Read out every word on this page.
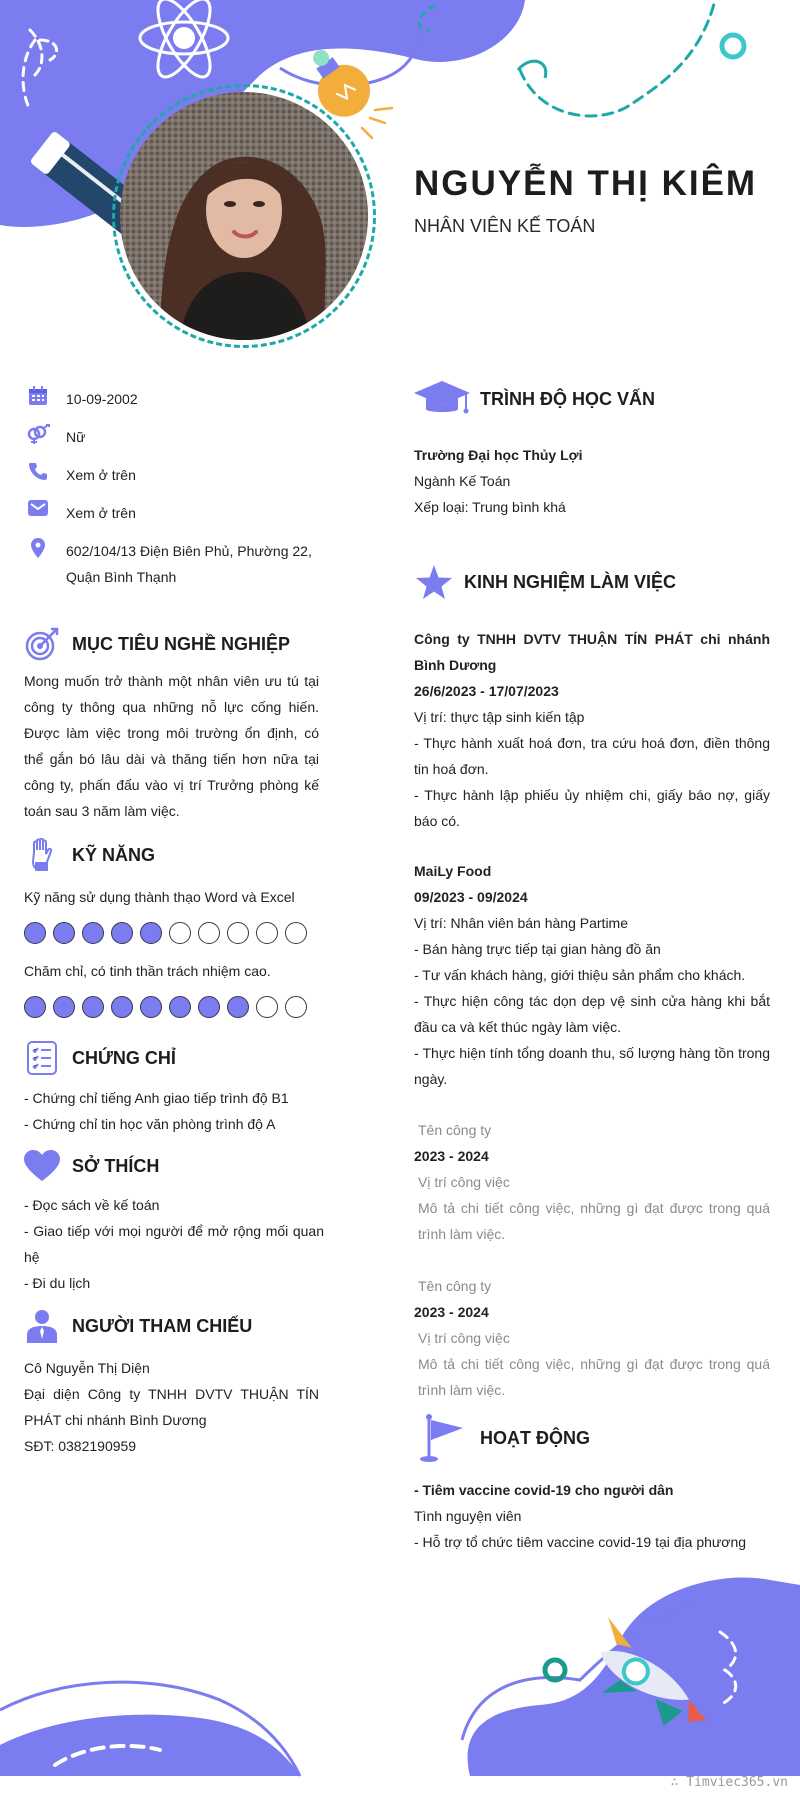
NGUYỄN THỊ KIÊM
NHÂN VIÊN KẾ TOÁN
10-09-2002
Nữ
Xem ở trên
Xem ở trên
602/104/13 Điện Biên Phủ, Phường 22, Quận Bình Thạnh
MỤC TIÊU NGHỀ NGHIỆP
Mong muốn trở thành một nhân viên ưu tú tại công ty thông qua những nỗ lực cống hiến. Được làm việc trong môi trường ổn định, có thể gắn bó lâu dài và thăng tiến hơn nữa tại công ty, phấn đấu vào vị trí Trưởng phòng kế toán sau 3 năm làm việc.
KỸ NĂNG
Kỹ năng sử dụng thành thạo Word và Excel
Chăm chỉ, có tinh thần trách nhiệm cao.
CHỨNG CHỈ
- Chứng chỉ tiếng Anh giao tiếp trình độ B1
- Chứng chỉ tin học văn phòng trình độ A
SỞ THÍCH
- Đọc sách về kế toán
- Giao tiếp với mọi người để mở rộng mối quan hệ
- Đi du lịch
NGƯỜI THAM CHIẾU
Cô Nguyễn Thị Diện
Đại diện Công ty TNHH DVTV THUẬN TÍN PHÁT chi nhánh Bình Dương
SĐT: 0382190959
TRÌNH ĐỘ HỌC VẤN
Trường Đại học Thủy Lợi
Ngành Kế Toán
Xếp loại: Trung bình khá
KINH NGHIỆM LÀM VIỆC
Công ty TNHH DVTV THUẬN TÍN PHÁT chi nhánh Bình Dương
26/6/2023 - 17/07/2023
Vị trí: thực tập sinh kiến tập
- Thực hành xuất hoá đơn, tra cứu hoá đơn, điền thông tin hoá đơn.
- Thực hành lập phiếu ủy nhiệm chi, giấy báo nợ, giấy báo có.
MaiLy Food
09/2023 - 09/2024
Vị trí: Nhân viên bán hàng Partime
- Bán hàng trực tiếp tại gian hàng đồ ăn
- Tư vấn khách hàng, giới thiệu sản phẩm cho khách.
- Thực hiện công tác dọn dẹp vệ sinh cửa hàng khi bắt đầu ca và kết thúc ngày làm việc.
- Thực hiện tính tổng doanh thu, số lượng hàng tồn trong ngày.
Tên công ty
2023 - 2024
Vị trí công việc
Mô tả chi tiết công việc, những gì đạt được trong quá trình làm việc.
Tên công ty
2023 - 2024
Vị trí công việc
Mô tả chi tiết công việc, những gì đạt được trong quá trình làm việc.
HOẠT ĐỘNG
- Tiêm vaccine covid-19 cho người dân
Tình nguyện viên
- Hỗ trợ tổ chức tiêm vaccine covid-19 tại địa phương
∴ Timviec365.vn
